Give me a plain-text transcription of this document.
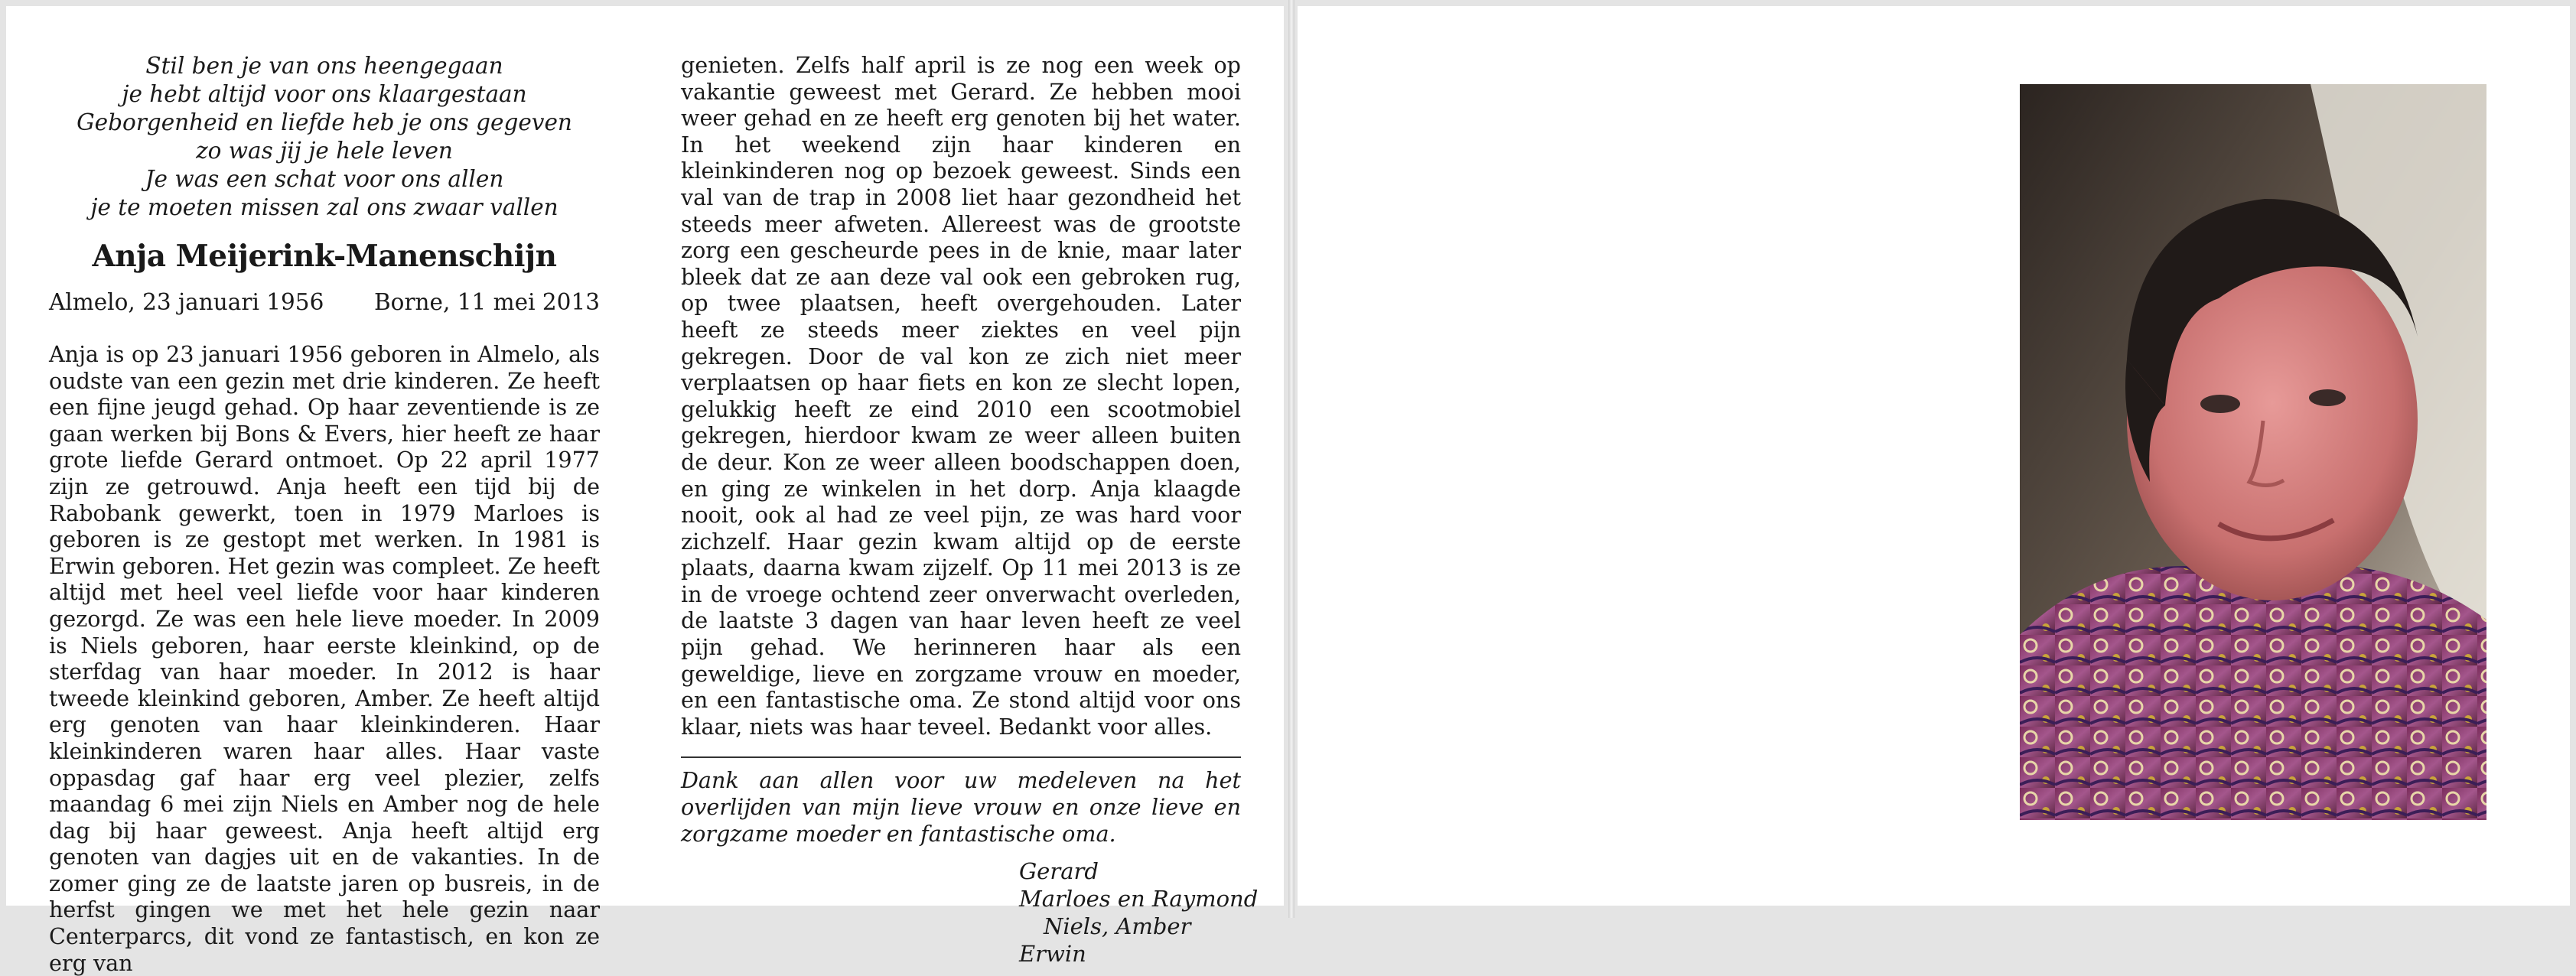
Stil ben je van ons heengegaan
je hebt altijd voor ons klaargestaan
Geborgenheid en liefde heb je ons gegeven
zo was jij je hele leven
Je was een schat voor ons allen
je te moeten missen zal ons zwaar vallen
Anja Meijerink-Manenschijn
Almelo, 23 januari 1956 Borne, 11 mei 2013
Anja is op 23 januari 1956 geboren in Almelo, als oudste van een gezin met drie kinderen. Ze heeft een fijne jeugd gehad. Op haar zeventiende is ze gaan werken bij Bons & Evers, hier heeft ze haar grote liefde Gerard ontmoet. Op 22 april 1977 zijn ze getrouwd. Anja heeft een tijd bij de Rabobank gewerkt, toen in 1979 Marloes is geboren is ze gestopt met werken. In 1981 is Erwin geboren. Het gezin was compleet. Ze heeft altijd met heel veel liefde voor haar kinderen gezorgd. Ze was een hele lieve moeder. In 2009 is Niels geboren, haar eerste kleinkind, op de sterfdag van haar moeder. In 2012 is haar tweede kleinkind geboren, Amber. Ze heeft altijd erg genoten van haar kleinkinderen. Haar kleinkinderen waren haar alles. Haar vaste oppasdag gaf haar erg veel plezier, zelfs maandag 6 mei zijn Niels en Amber nog de hele dag bij haar geweest. Anja heeft altijd erg genoten van dagjes uit en de vakanties. In de zomer ging ze de laatste jaren op busreis, in de herfst gingen we met het hele gezin naar Centerparcs, dit vond ze fantastisch, en kon ze erg van
genieten. Zelfs half april is ze nog een week op vakantie geweest met Gerard. Ze hebben mooi weer gehad en ze heeft erg genoten bij het water. In het weekend zijn haar kinderen en kleinkinderen nog op bezoek geweest. Sinds een val van de trap in 2008 liet haar gezondheid het steeds meer afweten. Allereest was de grootste zorg een gescheurde pees in de knie, maar later bleek dat ze aan deze val ook een gebroken rug, op twee plaatsen, heeft overgehouden. Later heeft ze steeds meer ziektes en veel pijn gekregen. Door de val kon ze zich niet meer verplaatsen op haar fiets en kon ze slecht lopen, gelukkig heeft ze eind 2010 een scootmobiel gekregen, hierdoor kwam ze weer alleen buiten de deur. Kon ze weer alleen boodschappen doen, en ging ze winkelen in het dorp. Anja klaagde nooit, ook al had ze veel pijn, ze was hard voor zichzelf. Haar gezin kwam altijd op de eerste plaats, daarna kwam zijzelf. Op 11 mei 2013 is ze in de vroege ochtend zeer onverwacht overleden, de laatste 3 dagen van haar leven heeft ze veel pijn gehad. We herinneren haar als een geweldige, lieve en zorgzame vrouw en moeder, en een fantastische oma. Ze stond altijd voor ons klaar, niets was haar teveel. Bedankt voor alles.
Dank aan allen voor uw medeleven na het overlijden van mijn lieve vrouw en onze lieve en zorgzame moeder en fantastische oma.
Gerard
Marloes en Raymond
Niels, Amber
Erwin
